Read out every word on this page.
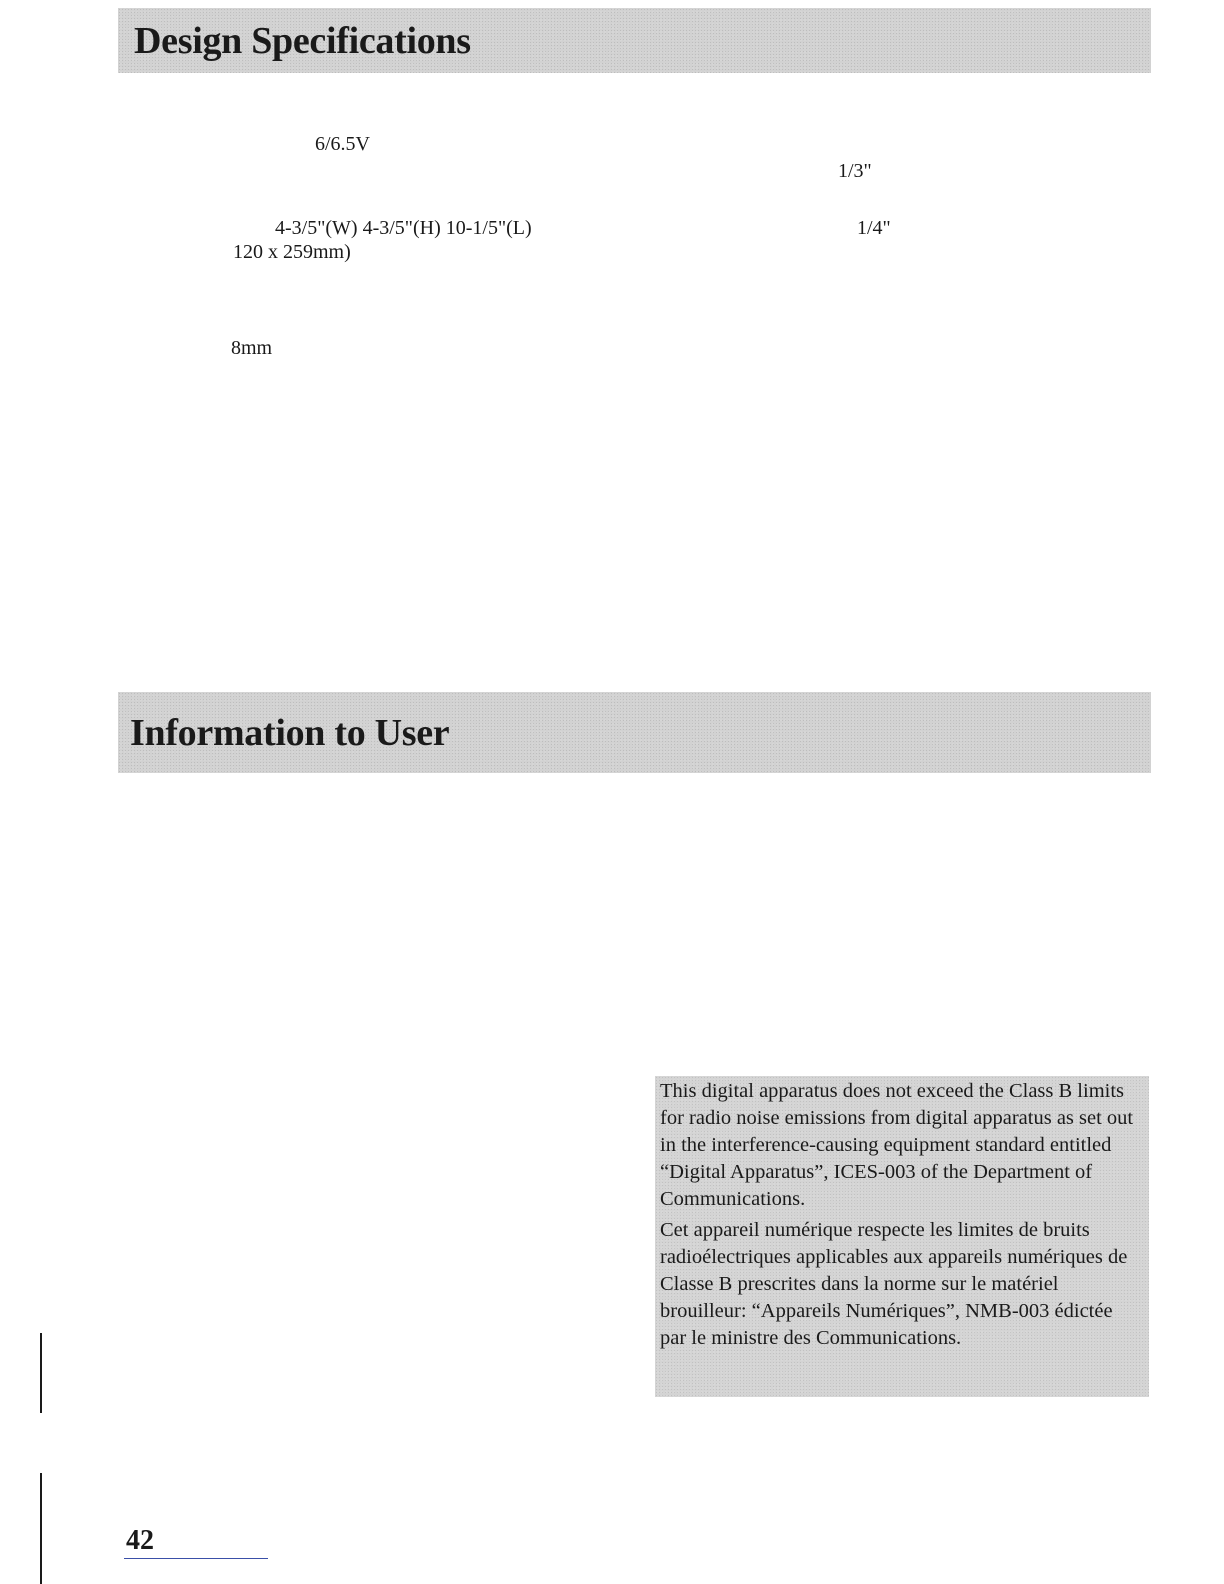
Design Specifications
6/6.5V
1/3"
4-3/5"(W) 4-3/5"(H) 10-1/5"(L)	1/4"
120 x 259mm)
8mm
Information to User

This digital apparatus does not exceed the Class B limits for radio noise emissions from digital apparatus as set out in the interference-causing equipment standard entitled “Digital Apparatus”, ICES-003 of the Department of Communications.

Cet appareil numérique respecte les limites de bruits radioélectriques applicables aux appareils numériques de Classe B prescrites dans la norme sur le matériel brouilleur: “Appareils Numériques”, NMB-003 édictée par le ministre des Communications.

42
